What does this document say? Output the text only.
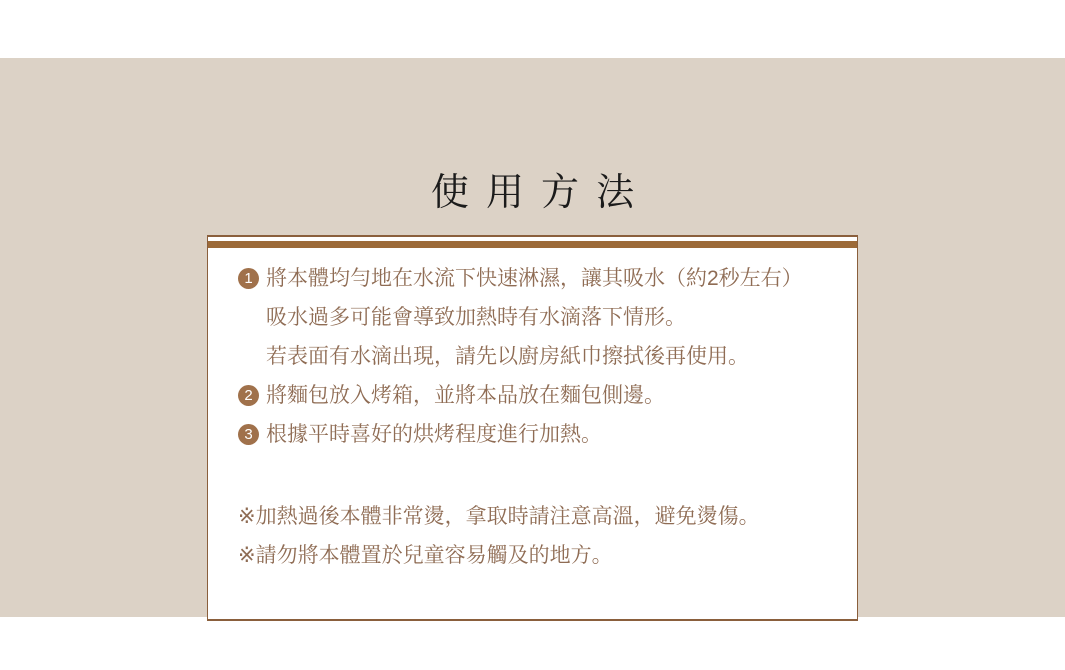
使用方法
1 將本體均勻地在水流下快速淋濕，讓其吸水（約2秒左右）
吸水過多可能會導致加熱時有水滴落下情形。
若表面有水滴出現，請先以廚房紙巾擦拭後再使用。
2 將麵包放入烤箱，並將本品放在麵包側邊。
3 根據平時喜好的烘烤程度進行加熱。
※加熱過後本體非常燙，拿取時請注意高溫，避免燙傷。
※請勿將本體置於兒童容易觸及的地方。
